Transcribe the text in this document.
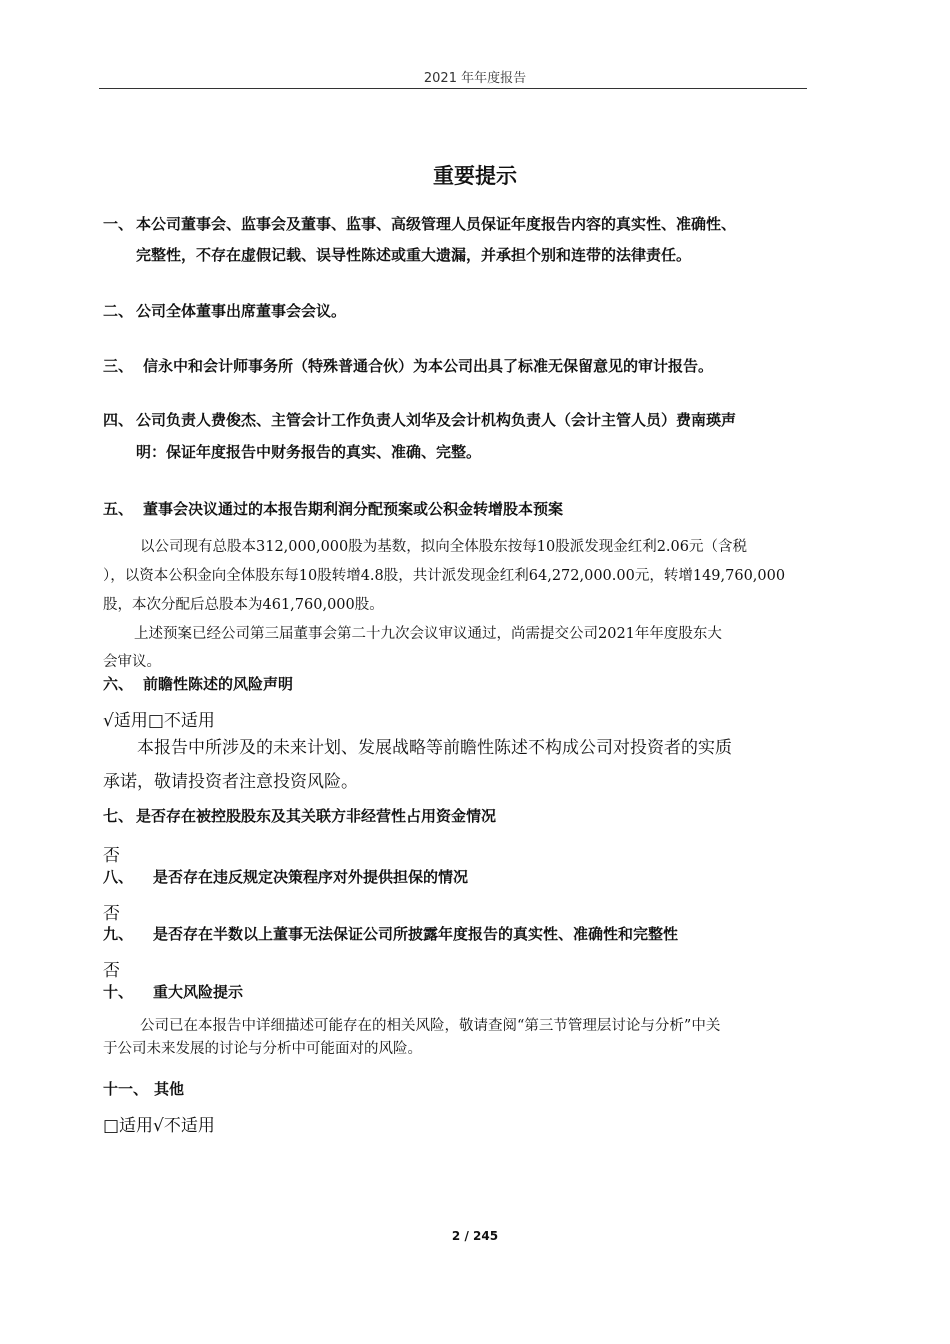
2021 年年度报告
重要提示
一、 本公司董事会、监事会及董事、监事、高级管理人员保证年度报告内容的真实性、准确性、
完整性，不存在虚假记载、误导性陈述或重大遗漏，并承担个别和连带的法律责任。
二、 公司全体董事出席董事会会议。
三、 信永中和会计师事务所（特殊普通合伙）为本公司出具了标准无保留意见的审计报告。
四、 公司负责人费俊杰、主管会计工作负责人刘华及会计机构负责人（会计主管人员）费南瑛声
明：保证年度报告中财务报告的真实、准确、完整。
五、 董事会决议通过的本报告期利润分配预案或公积金转增股本预案
以公司现有总股本312,000,000股为基数，拟向全体股东按每10股派发现金红利2.06元（含税
），以资本公积金向全体股东每10股转增4.8股，共计派发现金红利64,272,000.00元，转增149,760,000
股，本次分配后总股本为461,760,000股。
上述预案已经公司第三届董事会第二十九次会议审议通过，尚需提交公司2021年年度股东大
会审议。
六、 前瞻性陈述的风险声明
√适用□不适用
本报告中所涉及的未来计划、发展战略等前瞻性陈述不构成公司对投资者的实质
承诺，敬请投资者注意投资风险。
七、 是否存在被控股股东及其关联方非经营性占用资金情况
否
八、 是否存在违反规定决策程序对外提供担保的情况
否
九、 是否存在半数以上董事无法保证公司所披露年度报告的真实性、准确性和完整性
否
十、 重大风险提示
公司已在本报告中详细描述可能存在的相关风险，敬请查阅“第三节管理层讨论与分析”中关
于公司未来发展的讨论与分析中可能面对的风险。
十一、 其他
□适用√不适用
2 / 245
